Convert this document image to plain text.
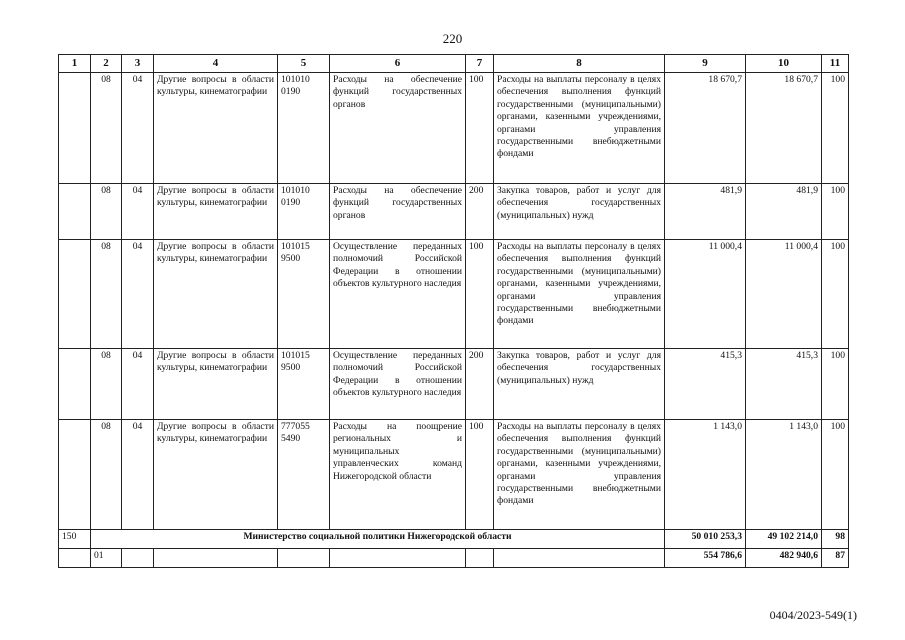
220
1	2	3	4	5	6	7	8	9	10	11
	08	04	Другие вопросы в области культуры, кинематографии	101010 0190	Расходы на обеспечение функций государственных органов	100	Расходы на выплаты персоналу в целях обеспечения выполнения функций государственными (муниципальными) органами, казенными учреждениями, органами управления государственными внебюджетными фондами	18 670,7	18 670,7	100
	08	04	Другие вопросы в области культуры, кинематографии	101010 0190	Расходы на обеспечение функций государственных органов	200	Закупка товаров, работ и услуг для обеспечения государственных (муниципальных) нужд	481,9	481,9	100
	08	04	Другие вопросы в области культуры, кинематографии	101015 9500	Осуществление переданных полномочий Российской Федерации в отношении объектов культурного наследия	100	Расходы на выплаты персоналу в целях обеспечения выполнения функций государственными (муниципальными) органами, казенными учреждениями, органами управления государственными внебюджетными фондами	11 000,4	11 000,4	100
	08	04	Другие вопросы в области культуры, кинематографии	101015 9500	Осуществление переданных полномочий Российской Федерации в отношении объектов культурного наследия	200	Закупка товаров, работ и услуг для обеспечения государственных (муниципальных) нужд	415,3	415,3	100
	08	04	Другие вопросы в области культуры, кинематографии	777055 5490	Расходы на поощрение региональных и муниципальных управленческих команд Нижегородской области	100	Расходы на выплаты персоналу в целях обеспечения выполнения функций государственными (муниципальными) органами, казенными учреждениями, органами управления государственными внебюджетными фондами	1 143,0	1 143,0	100
150	Министерство социальной политики Нижегородской области							50 010 253,3	49 102 214,0	98
	01							554 786,6	482 940,6	87
0404/2023-549(1)
